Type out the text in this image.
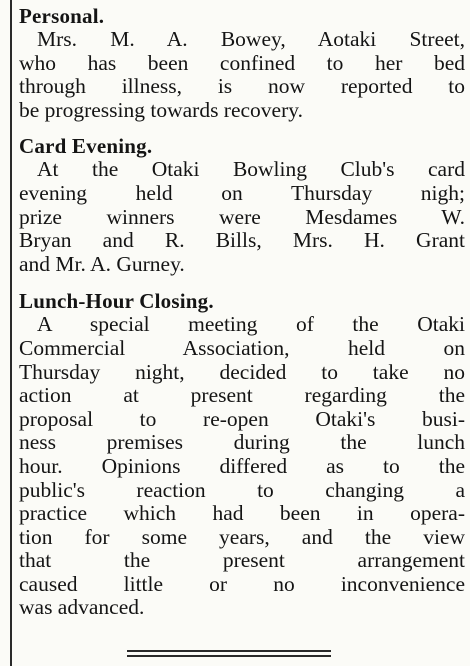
Personal.

Mrs. M. A. Bowey, Aotaki Street,
who has been confined to her bed
through illness, is now reported to
be progressing towards recovery.

Card Evening.

At the Otaki Bowling Club's card
evening held on Thursday nigh;
prize winners were Mesdames W.
Bryan and R. Bills, Mrs. H. Grant
and Mr. A. Gurney.

Lunch-Hour Closing.

A special meeting of the Otaki
Commercial Association, held on
Thursday night, decided to take no
action at present regarding the
proposal to re-open Otaki's busi-
ness premises during the lunch
hour. Opinions differed as to the
public's reaction to changing a
practice which had been in opera-
tion for some years, and the view
that the present arrangement
caused little or no inconvenience
was advanced.
